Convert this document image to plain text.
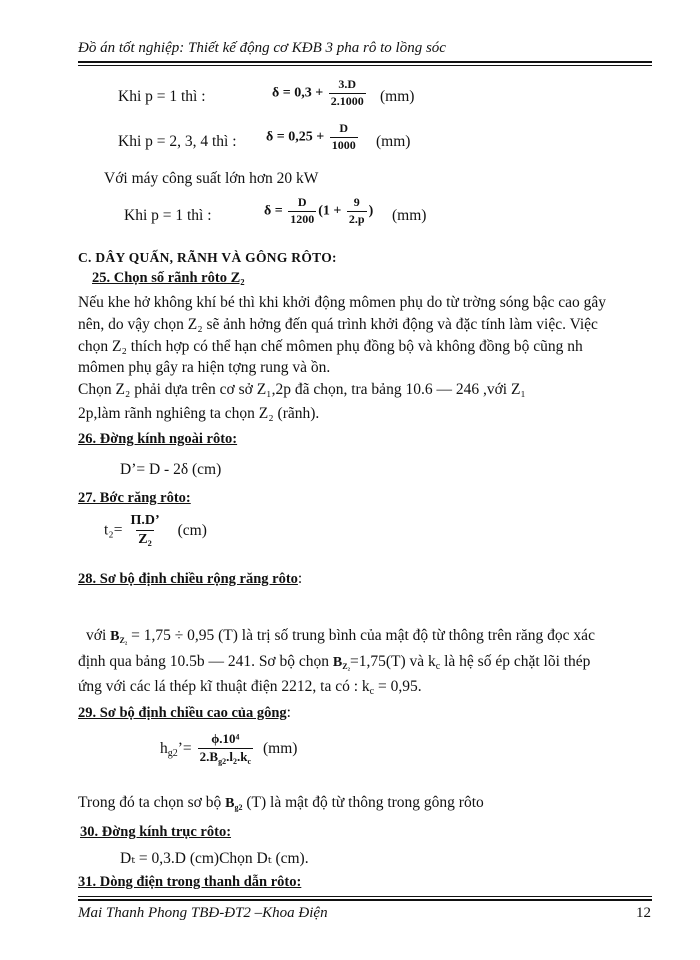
Đồ án tốt nghiệp: Thiết kế động cơ KĐB 3 pha rô to lồng sóc
Khi p = 1 thì :	$\delta = 0,3 + \frac{3.D}{2.1000} (mm)$
Khi p = 2, 3, 4 thì : $\delta = 0,25 + \frac{D}{1000} (mm)$
Với máy công suất lớn hơn 20 kW
Khi p = 1 thì :	$\delta = \frac{D}{1200} (1 + \frac{9}{2.p}$ ) (mm)
C. DÂY QUẤN, RÃNH VÀ GÔNG RÔTO:
25. Chọn số rãnh rôto Z₂
Nếu khe hở không khí bé thì khi khởi động mômen phụ do từ trờng sóng bậc cao gây
nên, do vậy chọn Z₂ sẽ ảnh hởng đến quá trình khởi động và đặc tính làm việc. Việc
chọn Z₂ thích hợp có thể hạn chế mômen phụ đồng bộ và không đồng bộ cũng nh
mômen phụ gây ra hiện tợng rung và ồn.
Chọn Z₂ phải dựa trên cơ sở Z₁,2p đã chọn, tra bảng 10.6 — 246 ,với Z₁
2p,làm rãnh nghiêng ta chọn Z₂ (rãnh).
26. Đờng kính ngoài rôto:
D’= D - 2δ (cm)
27. Bớc răng rôto:
$t_2= \frac{\Pi.D’}{\text{Z₂}} (cm)$
28. Sơ bộ định chiều rộng răng rôto:
với $B_{Z_2} = 1,75 \div 0,95$ (T) là trị số trung bình của mật độ từ thông trên răng đọc xác
định qua bảng 10.5b — 241. Sơ bộ chọn $B_{Z_2}=1,75(T)$ và kc là hệ số ép chặt lõi thép
ứng với các lá thép kĩ thuật điện 2212, ta có : kc = 0,95.
29. Sơ bộ định chiều cao của gông:
hg2’= $\frac{\text{ϕ.10⁴}}{2.B_{g2}.l_2.k_c} (mm)$
Trong đó ta chọn sơ bộ $B_{g2}$ (T) là mật độ từ thông trong gông rôto
30. Đờng kính trục rôto:
Dₜ = 0,3.D (cm)Chọn Dₜ (cm).
31. Dòng điện trong thanh dẫn rôto:
Mai Thanh Phong TBĐ-ĐT2 –Khoa Điện	12
